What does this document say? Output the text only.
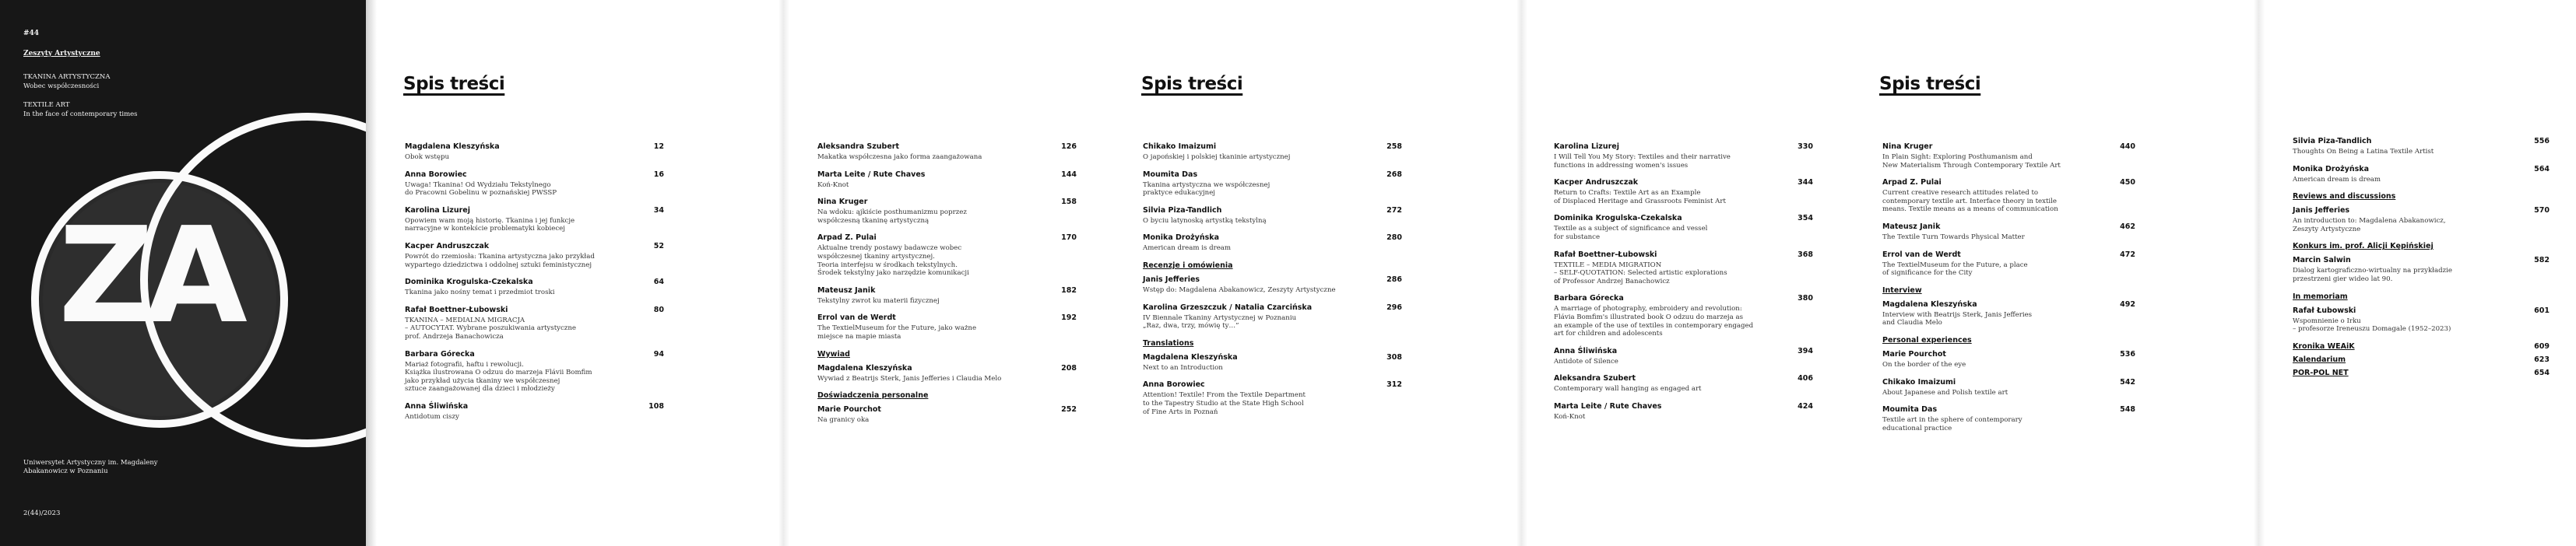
#44
Zeszyty Artystyczne
TKANINA ARTYSTYCZNA
Wobec współczesności
TEXTILE ART
In the face of contemporary times
ZA
Uniwersytet Artystyczny im. Magdaleny Abakanowicz w Poznaniu
2(44)/2023
Spis treści
Magdalena Kleszyńska	12
Obok wstępu
Anna Borowiec	16
Uwaga! Tkanina! Od Wydziału Tekstylnego
do Pracowni Gobelinu w poznańskiej PWSSP
Karolina Lizurej	34
Opowiem wam moją historię. Tkanina i jej funkcje
narracyjne w kontekście problematyki kobiecej
Kacper Andruszczak	52
Powrót do rzemiosła: Tkanina artystyczna jako przykład
wypartego dziedzictwa i oddolnej sztuki feministycznej
Dominika Krogulska-Czekalska	64
Tkanina jako nośny temat i przedmiot troski
Rafał Boettner-Łubowski	80
TKANINA – MEDIALNA MIGRACJA
– AUTOCYTAT. Wybrane poszukiwania artystyczne
prof. Andrzeja Banachowicza
Barbara Górecka	94
Mariaż fotografii, haftu i rewolucji.
Książka ilustrowana O odzuu do marzeja Flávii Bomfim
jako przykład użycia tkaniny we współczesnej
sztuce zaangażowanej dla dzieci i młodzieży
Anna Śliwińska	108
Antidotum ciszy
Aleksandra Szubert	126
Makatka współczesna jako forma zaangażowana
Marta Leite / Rute Chaves	144
Koń-Knot
Nina Kruger	158
Na wdoku: ąjkiście posthumanizmu poprzez
współczesną tkaninę artystyczną
Arpad Z. Pulai	170
Aktualne trendy postawy badawcze wobec
współczesnej tkaniny artystycznej.
Teoria interfejsu w środkach tekstylnych.
Środek tekstylny jako narzędzie komunikacji
Mateusz Janik	182
Tekstylny zwrot ku materii fizycznej
Errol van de Werdt	192
The TextielMuseum for the Future, jako ważne
miejsce na mapie miasta
Wywiad
Magdalena Kleszyńska	208
Wywiad z Beatrijs Sterk, Janis Jefferies i Claudia Melo
Doświadczenia personalne
Marie Pourchot	252
Na granicy oka
Spis treści
Chikako Imaizumi	258
O japońskiej i polskiej tkaninie artystycznej
Moumita Das	268
Tkanina artystyczna we współczesnej
praktyce edukacyjnej
Silvia Piza-Tandlich	272
O byciu latynoską artystką tekstylną
Monika Drożyńska	280
American dream is dream
Recenzje i omówienia
Janis Jefferies	286
Wstęp do: Magdalena Abakanowicz, Zeszyty Artystyczne
Karolina Grzeszczuk / Natalia Czarcińska	296
IV Biennale Tkaniny Artystycznej w Poznaniu
„Raz, dwa, trzy, mówię ty…”
Translations
Magdalena Kleszyńska	308
Next to an Introduction
Anna Borowiec	312
Attention! Textile! From the Textile Department
to the Tapestry Studio at the State High School
of Fine Arts in Poznań
Karolina Lizurej	330
I Will Tell You My Story: Textiles and their narrative
functions in addressing women's issues
Kacper Andruszczak	344
Return to Crafts: Textile Art as an Example
of Displaced Heritage and Grassroots Feminist Art
Dominika Krogulska-Czekalska	354
Textile as a subject of significance and vessel
for substance
Rafał Boettner-Łubowski	368
TEXTILE – MEDIA MIGRATION
– SELF-QUOTATION: Selected artistic explorations
of Professor Andrzej Banachowicz
Barbara Górecka	380
A marriage of photography, embroidery and revolution:
Flávia Bomfim's illustrated book O odzuu do marzeja as
an example of the use of textiles in contemporary engaged
art for children and adolescents
Anna Śliwińska	394
Antidote of Silence
Aleksandra Szubert	406
Contemporary wall hanging as engaged art
Marta Leite / Rute Chaves	424
Koń-Knot
Spis treści
Nina Kruger	440
In Plain Sight: Exploring Posthumanism and
New Materialism Through Contemporary Textile Art
Arpad Z. Pulai	450
Current creative research attitudes related to
contemporary textile art. Interface theory in textile
means. Textile means as a means of communication
Mateusz Janik	462
The Textile Turn Towards Physical Matter
Errol van de Werdt	472
The TextielMuseum for the Future, a place
of significance for the City
Interview
Magdalena Kleszyńska	492
Interview with Beatrijs Sterk, Janis Jefferies
and Claudia Melo
Personal experiences
Marie Pourchot	536
On the border of the eye
Chikako Imaizumi	542
About Japanese and Polish textile art
Moumita Das	548
Textile art in the sphere of contemporary
educational practice
Silvia Piza-Tandlich	556
Thoughts On Being a Latina Textile Artist
Monika Drożyńska	564
American dream is dream
Reviews and discussions
Janis Jefferies	570
An introduction to: Magdalena Abakanowicz,
Zeszyty Artystyczne
Konkurs im. prof. Alicji Kępińskiej
Marcin Salwin	582
Dialog kartograficzno-wirtualny na przykładzie
przestrzeni gier wideo lat 90.
In memoriam
Rafał Łubowski	601
Wspomnienie o Irku
– profesorze Ireneuszu Domagale (1952–2023)
Kronika WEAiK	609
Kalendarium	623
POR-POL NET	654
